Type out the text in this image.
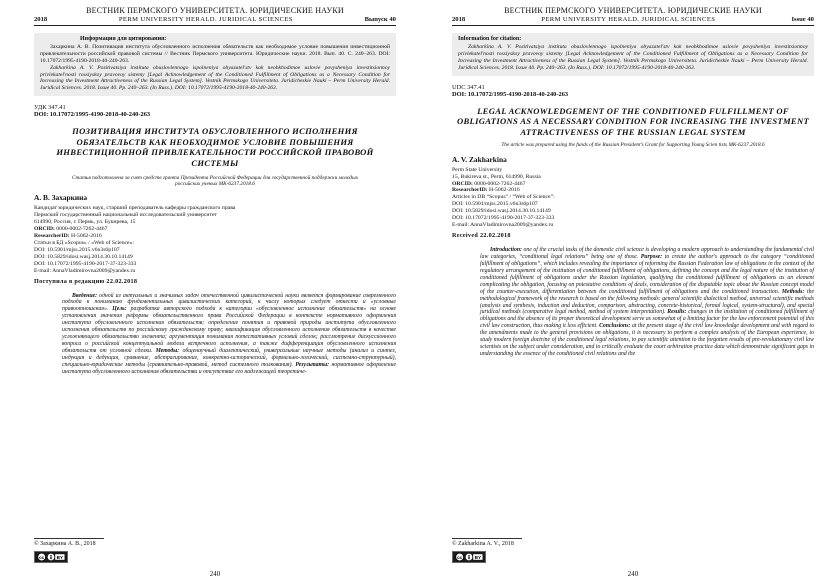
ВЕСТНИК ПЕРМСКОГО УНИВЕРСИТЕТА. ЮРИДИЧЕСКИЕ НАУКИ
2018	PERM UNIVERSITY HERALD. JURIDICAL SCIENCES	Выпуск 40
Информация для цитирования:

Захаркина А. В. Позитивация института обусловленного исполнения обязательств как необходимое условие повышения инвестиционной привлекательности российской правовой системы // Вестник Пермского университета. Юридические науки. 2018. Вып. 40. С. 240–263. DOI: 10.17072/1995-4190-2018-40-240-263.

Zakharkina A. V. Pozitivatsiya instituta obuslovlennogo ispolneniya obyazatel'stv kak neobkhodimoe uslovie povysheniya investitsionnoy privlekatel'nosti rossiyskoy pravovoy sistemy [Legal Acknowledgement of the Conditioned Fulfillment of Obligations as a Necessary Condition for Increasing the Investment Attractiveness of the Russian Legal System]. Vestnik Permskogo Universiteta. Juridicheskie Nauki – Perm University Herald. Juridical Sciences. 2018. Issue 40. Pp. 240–263. (In Russ.). DOI: 10.17072/1995-4190-2018-40-240-263.

УДК 347.41
DOI: 10.17072/1995-4190-2018-40-240-263
ПОЗИТИВАЦИЯ ИНСТИТУТА ОБУСЛОВЛЕННОГО ИСПОЛНЕНИЯ ОБЯЗАТЕЛЬСТВ КАК НЕОБХОДИМОЕ УСЛОВИЕ ПОВЫШЕНИЯ ИНВЕСТИЦИОННОЙ ПРИВЛЕКАТЕЛЬНОСТИ РОССИЙСКОЙ ПРАВОВОЙ СИСТЕМЫ
Статья подготовлена за счет средств гранта Президента Российской Федерации для государственной поддержки молодых российских ученых МК-6237.2018.6
А. В. Захаркина
Кандидат юридических наук, старший преподаватель кафедры гражданского права
Пермский государственный национальный исследовательский университет
614990, Россия, г. Пермь, ул. Букирева, 15
ORCID: 0000-0002-7262-4467
ResearcherID: H-5062-2016
Статьи в БД «Scopus» / «Web of Science»:
DOI: 10.5901/mjss.2015.v6n3s6p107
DOI: 10.5829/idosi.wasj.2014.30.10.14149
DOI: 10.17072/1995-4190-2017-37-323-333
E-mail: AnnaVladimirovna2009@yandex.ru
Поступила в редакцию 22.02.2018

Введение: одной из актуальных и значимых задач отечественной цивилистической науки является формирование современного подхода к пониманию фундаментальных цивилистических категорий, к числу которых следует отнести и «условные правоотношения». Цель: разработка авторского подхода к категории «обусловленное исполнение обязательств» на основе установления значения реформы обязательственного права Российской Федерации в контексте нормативного оформления института обусловленного исполнения обязательств; определение понятия и правовой природы института обусловленного исполнения обязательств по российскому гражданскому праву; квалификация обусловленного исполнения обязательств в качестве усложняющего обязательство элемента; аргументация понимания потестативных условий сделок; рассмотрение дискуссионного вопроса о российской концептуальной модели встречного исполнения, а также дифференциация обусловленного исполнения обязательств от условной сделки. Методы: общенаучный диалектический, универсальные научные методы (анализ и синтез, индукция и дедукция, сравнение, абстрагирование, конкретно-исторический, формально-логический, системно-структурный), специально-юридические методы (сравнительно-правовой, метод системного толкования). Результаты: нормативное оформление института обусловленного исполнения обязательства и отсутствие его надлежащей теоретиче-

© Захаркина А. В., 2018
cc BY
240
ВЕСТНИК ПЕРМСКОГО УНИВЕРСИТЕТА. ЮРИДИЧЕСКИЕ НАУКИ
2018	PERM UNIVERSITY HERALD. JURIDICAL SCIENCES	Issue 40
Information for citation:

Zakharkina A. V. Pozitivatsiya instituta obuslovlennogo ispolneniya obyazatel'stv kak neobkhodimoe uslovie povysheniya investitsionnoy privlekatel'nosti rossiyskoy pravovoy sistemy [Legal Acknowledgement of the Conditioned Fulfillment of Obligations as a Necessary Condition for Increasing the Investment Attractiveness of the Russian Legal System]. Vestnik Permskogo Universiteta. Juridicheskie Nauki – Perm University Herald. Juridical Sciences. 2018. Issue 40. Pp. 240–263. (In Russ.). DOI: 10.17072/1995-4190-2018-40-240-263.

UDC 347.41
DOI: 10.17072/1995-4190-2018-40-240-263
LEGAL ACKNOWLEDGEMENT OF THE CONDITIONED FULFILLMENT OF OBLIGATIONS AS A NECESSARY CONDITION FOR INCREASING THE INVESTMENT ATTRACTIVENESS OF THE RUSSIAN LEGAL SYSTEM
The article was prepared using the funds of the Russian President's Grant for Supporting Young Scien tists MK-6237.2018.6
A. V. Zakharkina
Perm State University
15, Bukireva st., Perm, 614990, Russia
ORCID: 0000-0002-7262-4467
ResearcherID: H-5062-2016
Articles in DB “Scopus” / “Web of Science”:
DOI: 10.5901/mjss.2015.v6n3s6p107
DOI: 10.5829/idosi.wasj.2014.30.10.14149
DOI: 10.17072/1995-4190-2017-37-323-333
E-mail: AnnaVladimirovna2009@yandex.ru
Received 22.02.2018

Introduction: one of the crucial tasks of the domestic civil science is developing a modern approach to understanding the fundamental civil law categories, “conditional legal relations” being one of those. Purpose: to create the author's approach to the category “conditioned fulfillment of obligations”, which includes revealing the importance of reforming the Russian Federation law of obligations in the context of the regulatory arrangement of the institution of conditioned fulfillment of obligations, defining the concept and the legal nature of the institution of conditioned fulfillment of obligations under the Russian legislation, qualifying the conditioned fulfillment of obligations as an element complicating the obligation, focusing on potestative conditions of deals, consideration of the disputable topic about the Russian concept model of the counter-execution, differentiation between the conditioned fulfillment of obligations and the conditioned transaction. Methods: the methodological framework of the research is based on the following methods: general scientific dialectical method, universal scientific methods (analysis and synthesis, induction and deduction, comparison, abstracting, concrete-historical, formal logical, system-structural), and special juridical methods (comparative legal method, method of system interpretation). Results: changes in the institution of conditioned fulfillment of obligations and the absence of its proper theoretical development serve as somewhat of a limiting factor for the law enforcement potential of this civil law construction, thus making it less efficient. Conclusions: at the present stage of the civil law knowledge development and with regard to the amendments made to the general provisions on obligations, it is necessary to perform a complex analysis of the European experience, to study modern foreign doctrine of the conditioned legal relations, to pay scientific attention to the forgotten results of pre-revolutionary civil law scientists on the subject under consideration, and to critically evaluate the court arbitration practice data which demonstrate significant gaps in understanding the essence of the conditioned civil relations and the

© Zakharkina A. V., 2018
cc BY
240
